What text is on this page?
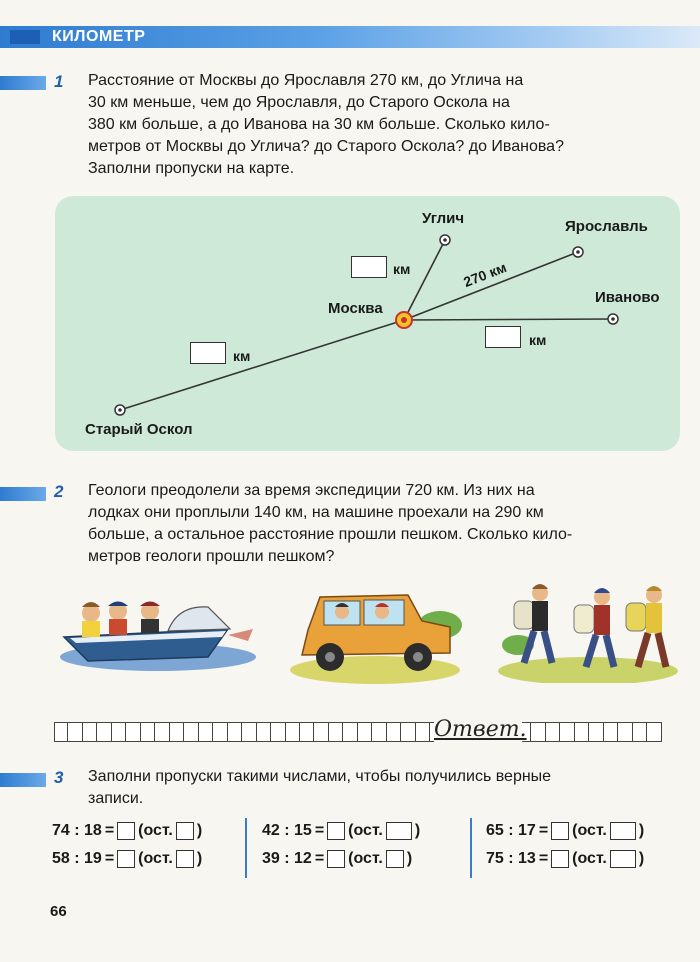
КИЛОМЕТР
1 Расстояние от Москвы до Ярославля 270 км, до Углича на
30 км меньше, чем до Ярославля, до Старого Оскола на
380 км больше, а до Иванова на 30 км больше. Сколько кило-
метров от Москвы до Углича? до Старого Оскола? до Иванова?
Заполни пропуски на карте.
Углич	Ярославль
Москва
Иваново
Старый Оскол
270 км
км
км
км
2 Геологи преодолели за время экспедиции 720 км. Из них на
лодках они проплыли 140 км, на машине проехали на 290 км
больше, а остальное расстояние прошли пешком. Сколько кило-
метров геологи прошли пешком?
Ответ.
3 Заполни пропуски такими числами, чтобы получились верные
записи.
74 : 18 = (ост. )
58 : 19 = (ост. )
42 : 15 = (ост. )
39 : 12 = (ост. )
65 : 17 = (ост. )
75 : 13 = (ост. )
66
